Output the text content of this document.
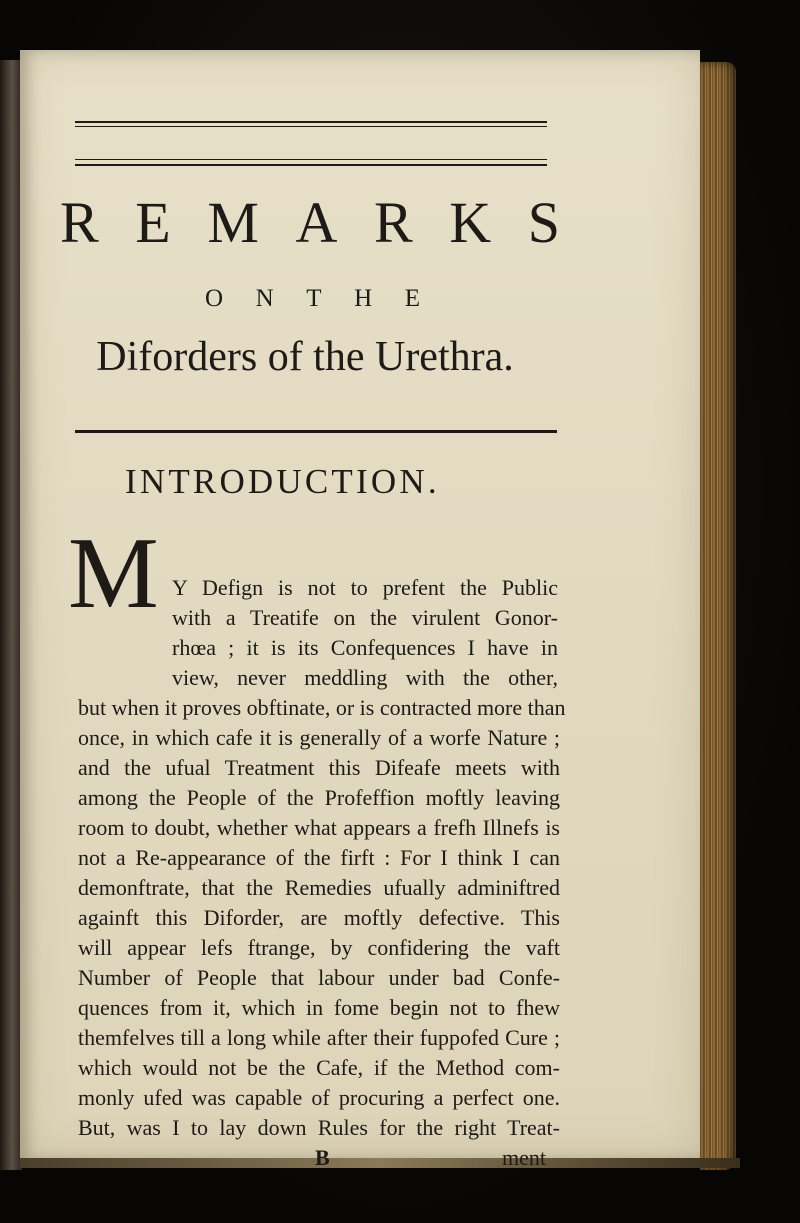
R E M A R K S
O N T H E
Diforders of the Urethra.
INTRODUCTION.
M Y Defign is not to prefent the Public
with a Treatife on the virulent Gonor-
rhœa ; it is its Confequences I have in
view, never meddling with the other,
but when it proves obftinate, or is contracted more than
once, in which cafe it is generally of a worfe Nature ;
and the ufual Treatment this Difeafe meets with
among the People of the Profeffion moftly leaving
room to doubt, whether what appears a frefh Illnefs is
not a Re-appearance of the firft : For I think I can
demonftrate, that the Remedies ufually adminiftred
againft this Diforder, are moftly defective. This
will appear lefs ftrange, by confidering the vaft
Number of People that labour under bad Confe-
quences from it, which in fome begin not to fhew
themfelves till a long while after their fuppofed Cure ;
which would not be the Cafe, if the Method com-
monly ufed was capable of procuring a perfect one.
But, was I to lay down Rules for the right Treat-
B	ment
